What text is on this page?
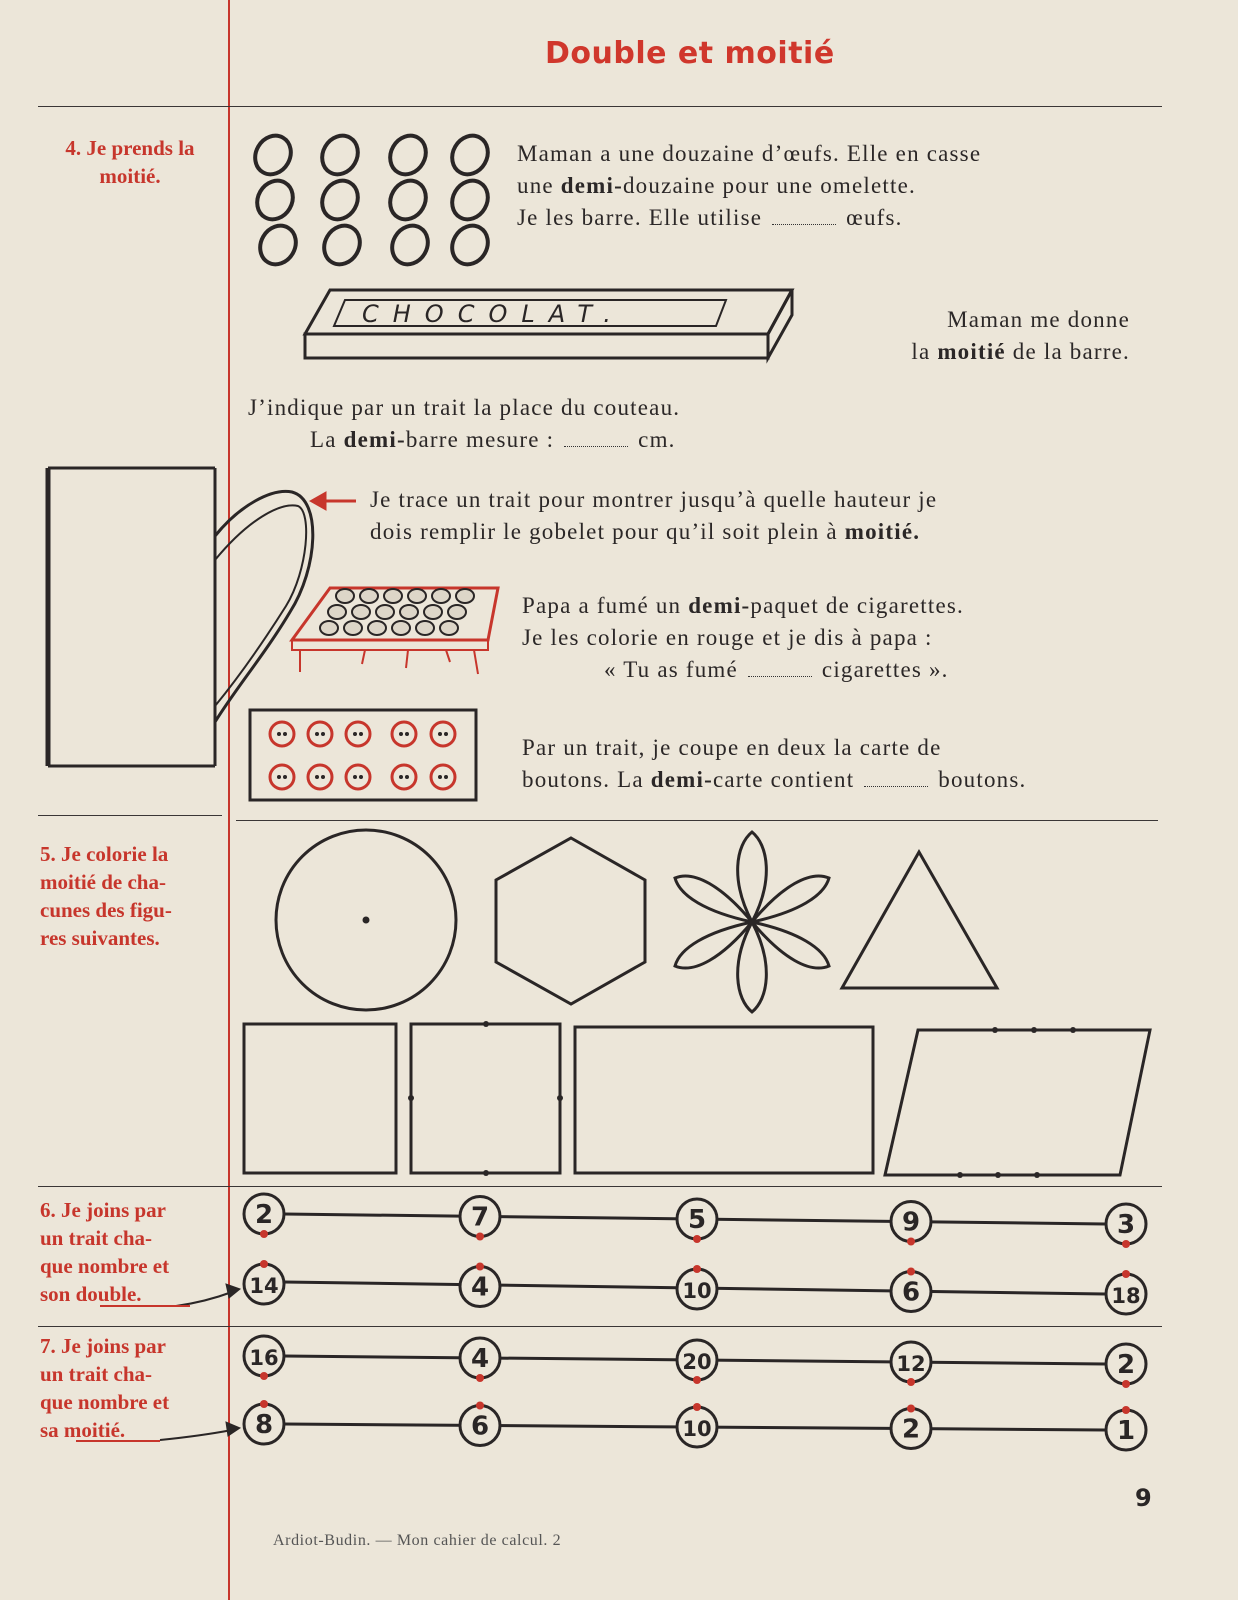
Double et moitié
4. Je prends la
moitié.
5. Je colorie la
moitié de cha-
cunes des figu-
res suivantes.
6. Je joins par
un trait cha-
que nombre et
son double.
7. Je joins par
un trait cha-
que nombre et
sa moitié.
Maman a une douzaine d’œufs. Elle en casse
une demi-douzaine pour une omelette.
Je les barre. Elle utilise	œufs.
Maman me donne
la moitié de la barre.
J’indique par un trait la place du couteau.
La demi-barre mesure :	cm.
Je trace un trait pour montrer jusqu’à quelle hauteur je
dois remplir le gobelet pour qu’il soit plein à moitié.
Papa a fumé un demi-paquet de cigarettes.
Je les colorie en rouge et je dis à papa :
« Tu as fumé	cigarettes ».
Par un trait, je coupe en deux la carte de
boutons. La demi-carte contient	boutons.
CHOCOLAT.
2	7	5	9	3
14	4	10	6	18
16	4	20	12	2
8	6	10	2	1
9
Ardiot-Budin. — Mon cahier de calcul. 2
